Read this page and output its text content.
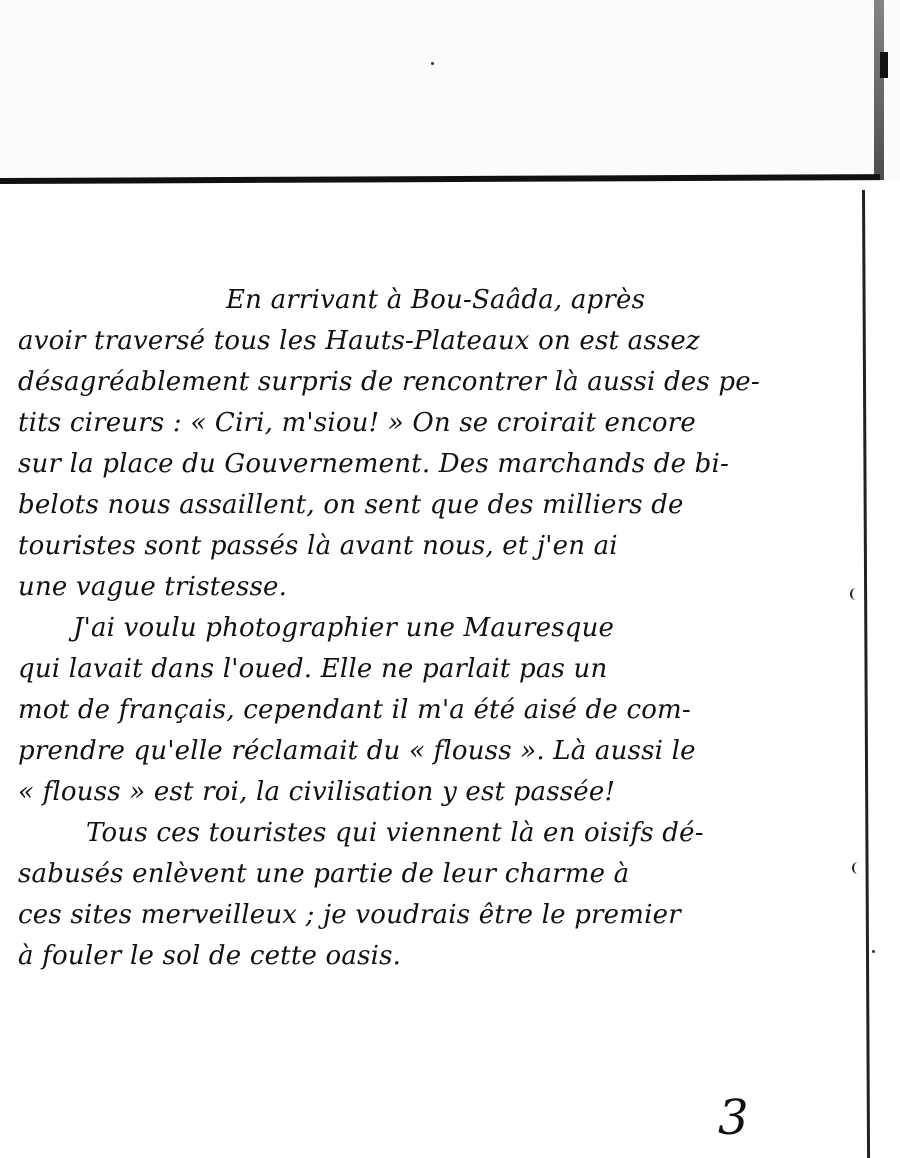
En arrivant à Bou-Saâda, après
avoir traversé tous les Hauts-Plateaux on est assez
désagréablement surpris de rencontrer là aussi des pe-
tits cireurs : « Ciri, m'siou! » On se croirait encore
sur la place du Gouvernement. Des marchands de bi-
belots nous assaillent, on sent que des milliers de
touristes sont passés là avant nous, et j'en ai
une vague tristesse.
J'ai voulu photographier une Mauresque
qui lavait dans l'oued. Elle ne parlait pas un
mot de français, cependant il m'a été aisé de com-
prendre qu'elle réclamait du « flouss ». Là aussi le
« flouss » est roi, la civilisation y est passée!
Tous ces touristes qui viennent là en oisifs dé-
sabusés enlèvent une partie de leur charme à
ces sites merveilleux ; je voudrais être le premier
à fouler le sol de cette oasis.
3
